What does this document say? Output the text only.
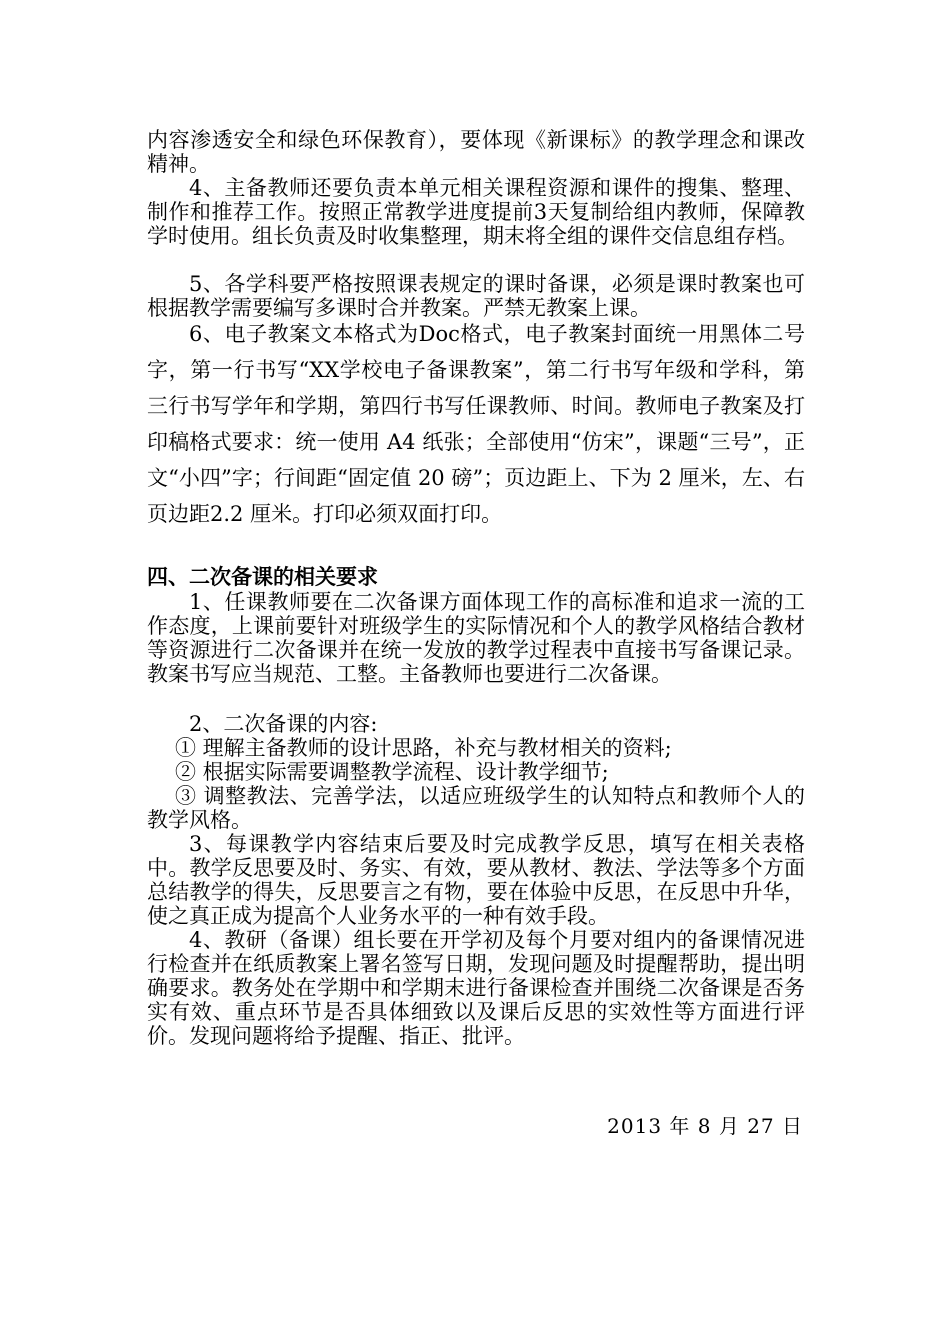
内容渗透安全和绿色环保教育），要体现《新课标》的教学理念和课改精神。

4、主备教师还要负责本单元相关课程资源和课件的搜集、整理、制作和推荐工作。按照正常教学进度提前3天复制给组内教师，保障教学时使用。组长负责及时收集整理，期末将全组的课件交信息组存档。

5、各学科要严格按照课表规定的课时备课，必须是课时教案也可根据教学需要编写多课时合并教案。严禁无教案上课。

6、电子教案文本格式为Doc格式，电子教案封面统一用黑体二号字，第一行书写“XX学校电子备课教案”，第二行书写年级和学科，第三行书写学年和学期，第四行书写任课教师、时间。教师电子教案及打印稿格式要求：统一使用 A4 纸张；全部使用“仿宋”，课题“三号”，正文“小四”字；行间距“固定值 20 磅”；页边距上、下为 2 厘米，左、右页边距2.2 厘米。打印必须双面打印。

四、二次备课的相关要求

1、任课教师要在二次备课方面体现工作的高标准和追求一流的工作态度，上课前要针对班级学生的实际情况和个人的教学风格结合教材等资源进行二次备课并在统一发放的教学过程表中直接书写备课记录。教案书写应当规范、工整。主备教师也要进行二次备课。

2、二次备课的内容:

① 理解主备教师的设计思路，补充与教材相关的资料;

② 根据实际需要调整教学流程、设计教学细节;

③ 调整教法、完善学法，以适应班级学生的认知特点和教师个人的教学风格。

3、每课教学内容结束后要及时完成教学反思，填写在相关表格中。教学反思要及时、务实、有效，要从教材、教法、学法等多个方面总结教学的得失，反思要言之有物，要在体验中反思，在反思中升华，使之真正成为提高个人业务水平的一种有效手段。

4、教研（备课）组长要在开学初及每个月要对组内的备课情况进行检查并在纸质教案上署名签写日期，发现问题及时提醒帮助，提出明确要求。教务处在学期中和学期末进行备课检查并围绕二次备课是否务实有效、重点环节是否具体细致以及课后反思的实效性等方面进行评价。发现问题将给予提醒、指正、批评。

2013 年 8 月 27 日
